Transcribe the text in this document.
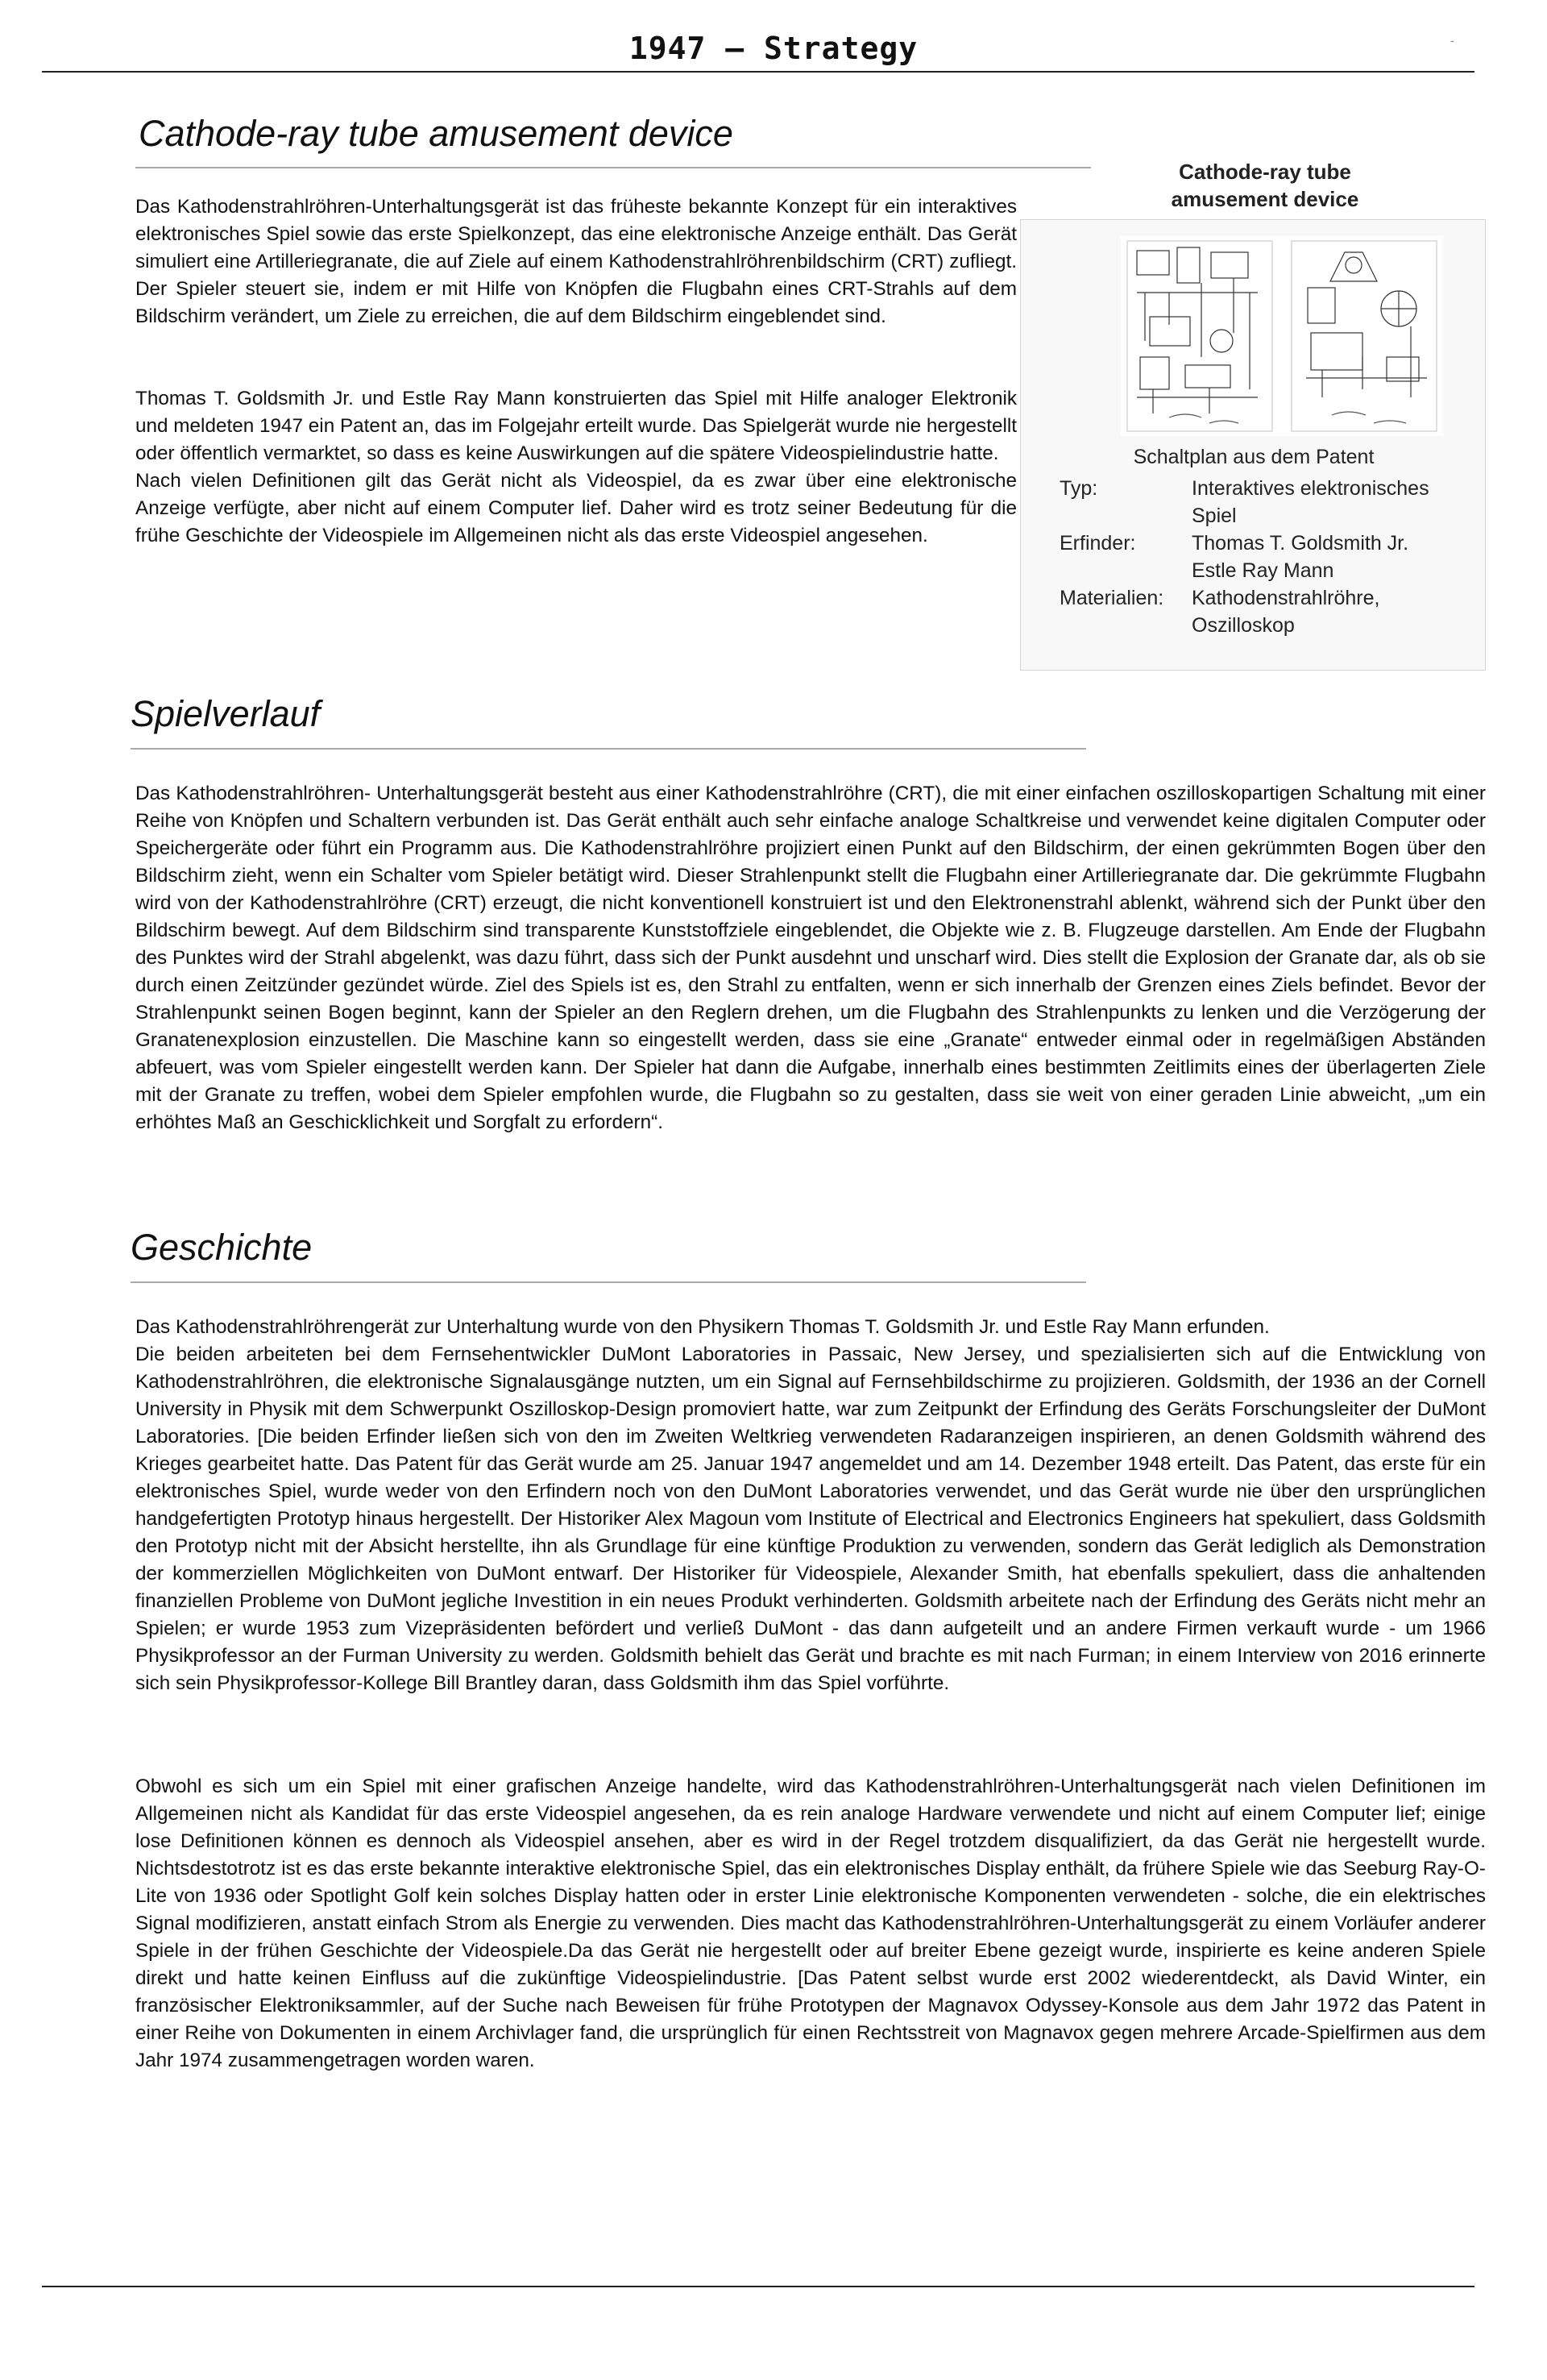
1947 – Strategy	-
Cathode-ray tube amusement device
Das Kathodenstrahlröhren-Unterhaltungsgerät ist das früheste bekannte Konzept für ein interaktives elektronisches Spiel sowie das erste Spielkonzept, das eine elektronische Anzeige enthält. Das Gerät simuliert eine Artilleriegranate, die auf Ziele auf einem Kathodenstrahlröhrenbildschirm (CRT) zufliegt. Der Spieler steuert sie, indem er mit Hilfe von Knöpfen die Flugbahn eines CRT-Strahls auf dem Bildschirm verändert, um Ziele zu erreichen, die auf dem Bildschirm eingeblendet sind.

Thomas T. Goldsmith Jr. und Estle Ray Mann konstruierten das Spiel mit Hilfe analoger Elektronik und meldeten 1947 ein Patent an, das im Folgejahr erteilt wurde. Das Spielgerät wurde nie hergestellt oder öffentlich vermarktet, so dass es keine Auswirkungen auf die spätere Videospielindustrie hatte.

Nach vielen Definitionen gilt das Gerät nicht als Videospiel, da es zwar über eine elektronische Anzeige verfügte, aber nicht auf einem Computer lief. Daher wird es trotz seiner Bedeutung für die frühe Geschichte der Videospiele im Allgemeinen nicht als das erste Videospiel angesehen.

Cathode-ray tube
amusement device
Schaltplan aus dem Patent
Typ:	Interaktives elektronisches
Spiel
Erfinder:	Thomas T. Goldsmith Jr.
Estle Ray Mann
Materialien:	Kathodenstrahlröhre,
Oszilloskop
Spielverlauf
Das Kathodenstrahlröhren- Unterhaltungsgerät besteht aus einer Kathodenstrahlröhre (CRT), die mit einer einfachen oszilloskopartigen Schaltung mit einer Reihe von Knöpfen und Schaltern verbunden ist. Das Gerät enthält auch sehr einfache analoge Schaltkreise und verwendet keine digitalen Computer oder Speichergeräte oder führt ein Programm aus. Die Kathodenstrahlröhre projiziert einen Punkt auf den Bildschirm, der einen gekrümmten Bogen über den Bildschirm zieht, wenn ein Schalter vom Spieler betätigt wird. Dieser Strahlenpunkt stellt die Flugbahn einer Artilleriegranate dar. Die gekrümmte Flugbahn wird von der Kathodenstrahlröhre (CRT) erzeugt, die nicht konventionell konstruiert ist und den Elektronenstrahl ablenkt, während sich der Punkt über den Bildschirm bewegt. Auf dem Bildschirm sind transparente Kunststoffziele eingeblendet, die Objekte wie z. B. Flugzeuge darstellen. Am Ende der Flugbahn des Punktes wird der Strahl abgelenkt, was dazu führt, dass sich der Punkt ausdehnt und unscharf wird. Dies stellt die Explosion der Granate dar, als ob sie durch einen Zeitzünder gezündet würde. Ziel des Spiels ist es, den Strahl zu entfalten, wenn er sich innerhalb der Grenzen eines Ziels befindet. Bevor der Strahlenpunkt seinen Bogen beginnt, kann der Spieler an den Reglern drehen, um die Flugbahn des Strahlenpunkts zu lenken und die Verzögerung der Granatenexplosion einzustellen. Die Maschine kann so eingestellt werden, dass sie eine „Granate“ entweder einmal oder in regelmäßigen Abständen abfeuert, was vom Spieler eingestellt werden kann. Der Spieler hat dann die Aufgabe, innerhalb eines bestimmten Zeitlimits eines der überlagerten Ziele mit der Granate zu treffen, wobei dem Spieler empfohlen wurde, die Flugbahn so zu gestalten, dass sie weit von einer geraden Linie abweicht, „um ein erhöhtes Maß an Geschicklichkeit und Sorgfalt zu erfordern“.
Geschichte

Das Kathodenstrahlröhrengerät zur Unterhaltung wurde von den Physikern Thomas T. Goldsmith Jr. und Estle Ray Mann erfunden.

Die beiden arbeiteten bei dem Fernsehentwickler DuMont Laboratories in Passaic, New Jersey, und spezialisierten sich auf die Entwicklung von Kathodenstrahlröhren, die elektronische Signalausgänge nutzten, um ein Signal auf Fernsehbildschirme zu projizieren. Goldsmith, der 1936 an der Cornell University in Physik mit dem Schwerpunkt Oszilloskop-Design promoviert hatte, war zum Zeitpunkt der Erfindung des Geräts Forschungsleiter der DuMont Laboratories. [Die beiden Erfinder ließen sich von den im Zweiten Weltkrieg verwendeten Radaranzeigen inspirieren, an denen Goldsmith während des Krieges gearbeitet hatte. Das Patent für das Gerät wurde am 25. Januar 1947 angemeldet und am 14. Dezember 1948 erteilt. Das Patent, das erste für ein elektronisches Spiel, wurde weder von den Erfindern noch von den DuMont Laboratories verwendet, und das Gerät wurde nie über den ursprünglichen handgefertigten Prototyp hinaus hergestellt. Der Historiker Alex Magoun vom Institute of Electrical and Electronics Engineers hat spekuliert, dass Goldsmith den Prototyp nicht mit der Absicht herstellte, ihn als Grundlage für eine künftige Produktion zu verwenden, sondern das Gerät lediglich als Demonstration der kommerziellen Möglichkeiten von DuMont entwarf. Der Historiker für Videospiele, Alexander Smith, hat ebenfalls spekuliert, dass die anhaltenden finanziellen Probleme von DuMont jegliche Investition in ein neues Produkt verhinderten. Goldsmith arbeitete nach der Erfindung des Geräts nicht mehr an Spielen; er wurde 1953 zum Vizepräsidenten befördert und verließ DuMont - das dann aufgeteilt und an andere Firmen verkauft wurde - um 1966 Physikprofessor an der Furman University zu werden. Goldsmith behielt das Gerät und brachte es mit nach Furman; in einem Interview von 2016 erinnerte sich sein Physikprofessor-Kollege Bill Brantley daran, dass Goldsmith ihm das Spiel vorführte.

Obwohl es sich um ein Spiel mit einer grafischen Anzeige handelte, wird das Kathodenstrahlröhren-Unterhaltungsgerät nach vielen Definitionen im Allgemeinen nicht als Kandidat für das erste Videospiel angesehen, da es rein analoge Hardware verwendete und nicht auf einem Computer lief; einige lose Definitionen können es dennoch als Videospiel ansehen, aber es wird in der Regel trotzdem disqualifiziert, da das Gerät nie hergestellt wurde. Nichtsdestotrotz ist es das erste bekannte interaktive elektronische Spiel, das ein elektronisches Display enthält, da frühere Spiele wie das Seeburg Ray-O-Lite von 1936 oder Spotlight Golf kein solches Display hatten oder in erster Linie elektronische Komponenten verwendeten - solche, die ein elektrisches Signal modifizieren, anstatt einfach Strom als Energie zu verwenden. Dies macht das Kathodenstrahlröhren-Unterhaltungsgerät zu einem Vorläufer anderer Spiele in der frühen Geschichte der Videospiele.Da das Gerät nie hergestellt oder auf breiter Ebene gezeigt wurde, inspirierte es keine anderen Spiele direkt und hatte keinen Einfluss auf die zukünftige Videospielindustrie. [Das Patent selbst wurde erst 2002 wiederentdeckt, als David Winter, ein französischer Elektroniksammler, auf der Suche nach Beweisen für frühe Prototypen der Magnavox Odyssey-Konsole aus dem Jahr 1972 das Patent in einer Reihe von Dokumenten in einem Archivlager fand, die ursprünglich für einen Rechtsstreit von Magnavox gegen mehrere Arcade-Spielfirmen aus dem Jahr 1974 zusammengetragen worden waren.
